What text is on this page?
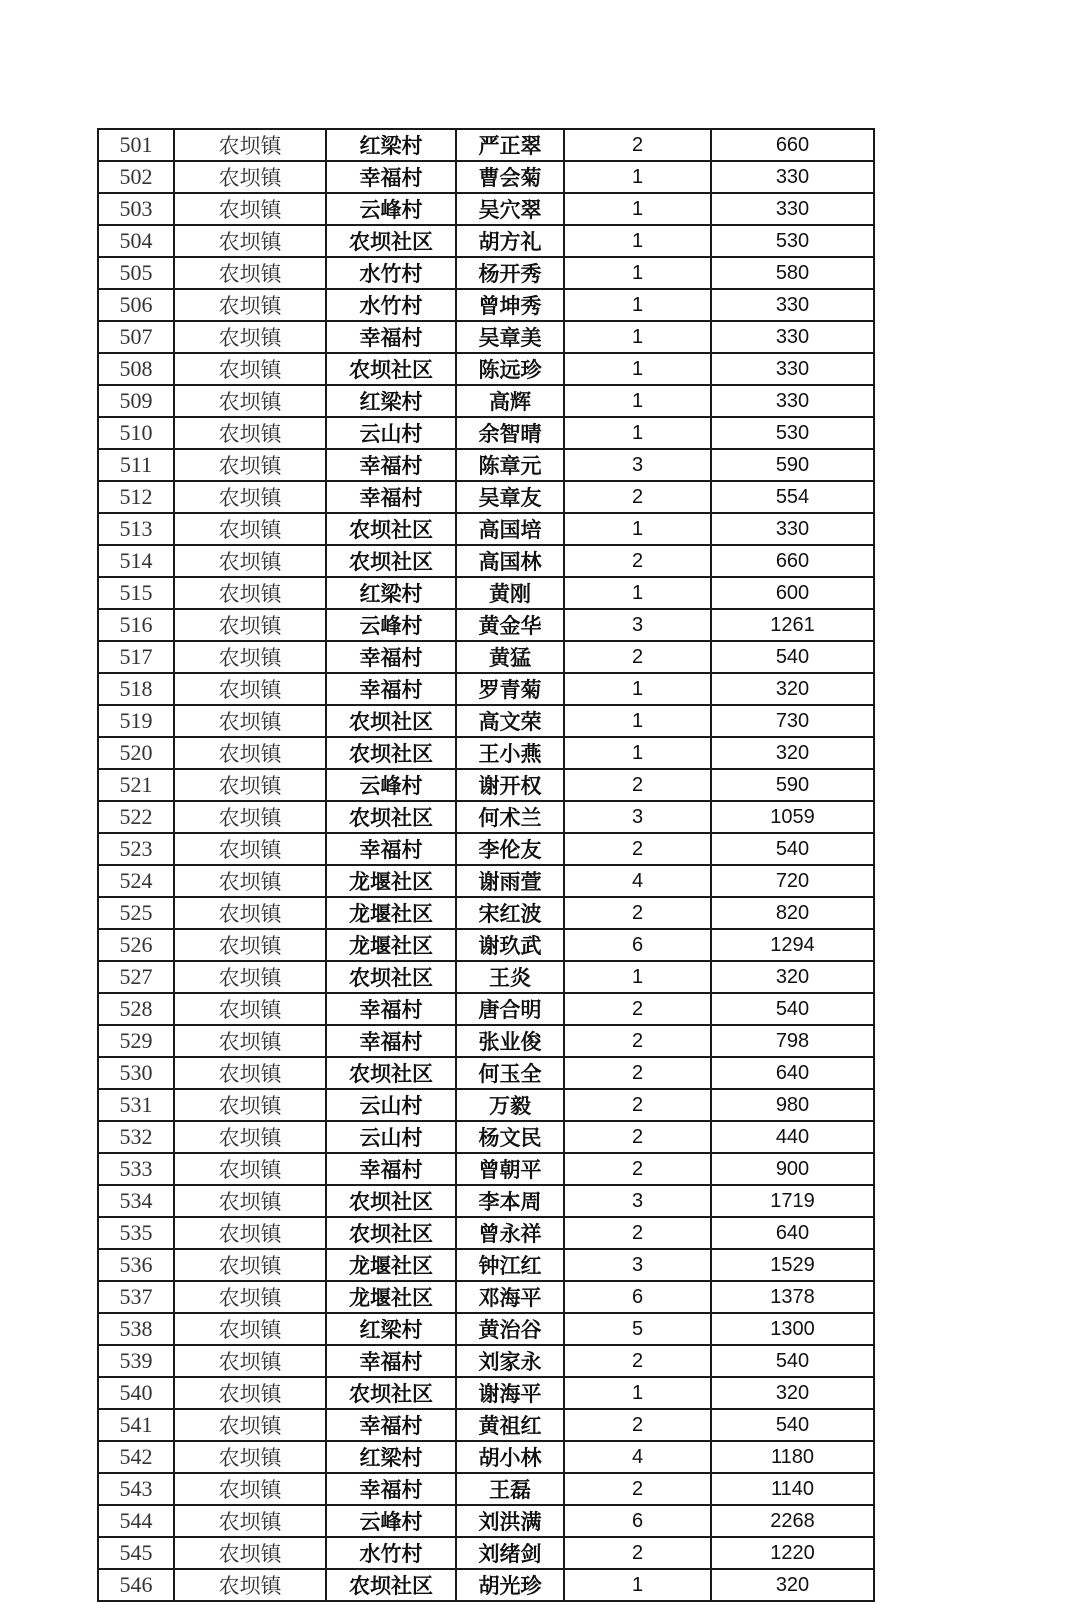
501	农坝镇	红梁村	严正翠	2	660
502	农坝镇	幸福村	曹会菊	1	330
503	农坝镇	云峰村	吴穴翠	1	330
504	农坝镇	农坝社区	胡方礼	1	530
505	农坝镇	水竹村	杨开秀	1	580
506	农坝镇	水竹村	曾坤秀	1	330
507	农坝镇	幸福村	吴章美	1	330
508	农坝镇	农坝社区	陈远珍	1	330
509	农坝镇	红梁村	高辉	1	330
510	农坝镇	云山村	余智晴	1	530
511	农坝镇	幸福村	陈章元	3	590
512	农坝镇	幸福村	吴章友	2	554
513	农坝镇	农坝社区	高国培	1	330
514	农坝镇	农坝社区	高国林	2	660
515	农坝镇	红梁村	黄刚	1	600
516	农坝镇	云峰村	黄金华	3	1261
517	农坝镇	幸福村	黄猛	2	540
518	农坝镇	幸福村	罗青菊	1	320
519	农坝镇	农坝社区	高文荣	1	730
520	农坝镇	农坝社区	王小燕	1	320
521	农坝镇	云峰村	谢开权	2	590
522	农坝镇	农坝社区	何术兰	3	1059
523	农坝镇	幸福村	李伦友	2	540
524	农坝镇	龙堰社区	谢雨萱	4	720
525	农坝镇	龙堰社区	宋红波	2	820
526	农坝镇	龙堰社区	谢玖武	6	1294
527	农坝镇	农坝社区	王炎	1	320
528	农坝镇	幸福村	唐合明	2	540
529	农坝镇	幸福村	张业俊	2	798
530	农坝镇	农坝社区	何玉全	2	640
531	农坝镇	云山村	万毅	2	980
532	农坝镇	云山村	杨文民	2	440
533	农坝镇	幸福村	曾朝平	2	900
534	农坝镇	农坝社区	李本周	3	1719
535	农坝镇	农坝社区	曾永祥	2	640
536	农坝镇	龙堰社区	钟江红	3	1529
537	农坝镇	龙堰社区	邓海平	6	1378
538	农坝镇	红梁村	黄治谷	5	1300
539	农坝镇	幸福村	刘家永	2	540
540	农坝镇	农坝社区	谢海平	1	320
541	农坝镇	幸福村	黄祖红	2	540
542	农坝镇	红梁村	胡小林	4	1180
543	农坝镇	幸福村	王磊	2	1140
544	农坝镇	云峰村	刘洪满	6	2268
545	农坝镇	水竹村	刘绪剑	2	1220
546	农坝镇	农坝社区	胡光珍	1	320
